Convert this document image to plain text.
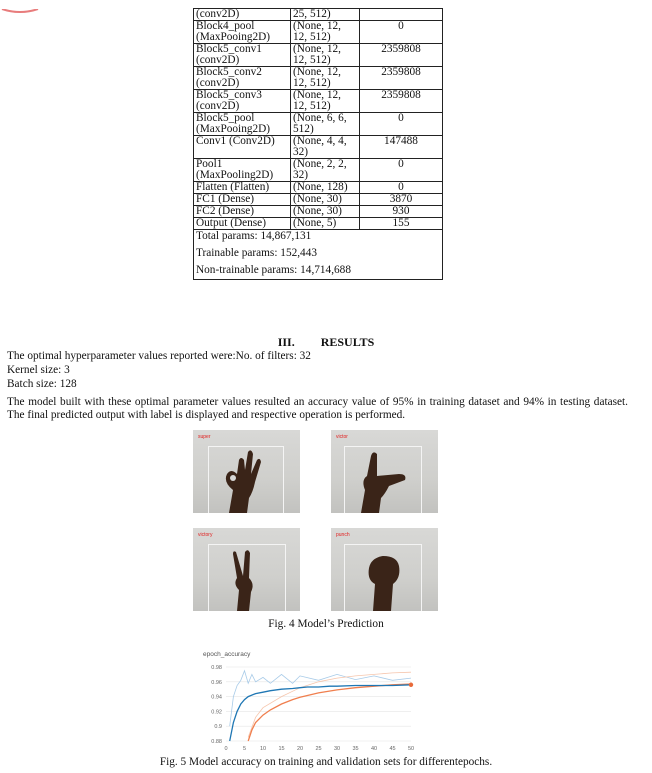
(conv2D)	25, 512)	
Block4_pool (MaxPooing2D)	(None, 12, 12, 512)	0
Block5_conv1 (conv2D)	(None, 12, 12, 512)	2359808
Block5_conv2 (conv2D)	(None, 12, 12, 512)	2359808
Block5_conv3 (conv2D)	(None, 12, 12, 512)	2359808
Block5_pool (MaxPooing2D)	(None, 6, 6, 512)	0
Conv1 (Conv2D)	(None, 4, 4, 32)	147488
Pool1 (MaxPooling2D)	(None, 2, 2, 32)	0
Flatten (Flatten)	(None, 128)	0
FC1 (Dense)	(None, 30)	3870
FC2 (Dense)	(None, 30)	930
Output (Dense)	(None, 5)	155

Total params: 14,867,131
Trainable params: 152,443
Non-trainable params: 14,714,688		
III. RESULTS
The optimal hyperparameter values reported were:No. of filters: 32
Kernel size: 3
Batch size: 128
The model built with these optimal parameter values resulted an accuracy value of 95% in training dataset and 94% in testing dataset. The final predicted output with label is displayed and respective operation is performed.
super	victor
victory	punch
Fig. 4 Model’s Prediction
epoch_accuracy
0.88
0.9
0.92
0.94
0.96
0.98
0	5	10 15 20 25 30 35 40 45 50
Fig. 5 Model accuracy on training and validation sets for differentepochs.
